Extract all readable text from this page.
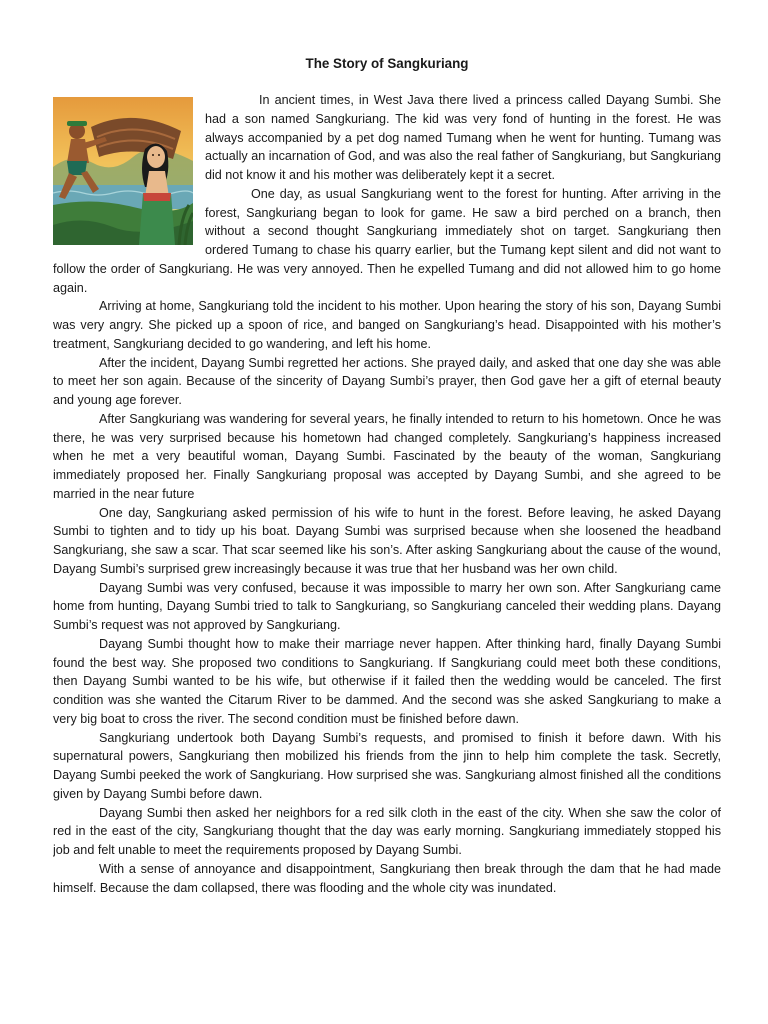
The Story of Sangkuriang

In ancient times, in West Java there lived a princess called Dayang Sumbi. She had a son named Sangkuriang. The kid was very fond of hunting in the forest. He was always accompanied by a pet dog named Tumang when he went for hunting. Tumang was actually an incarnation of God, and was also the real father of Sangkuriang, but Sangkuriang did not know it and his mother was deliberately kept it a secret.

One day, as usual Sangkuriang went to the forest for hunting. After arriving in the forest, Sangkuriang began to look for game. He saw a bird perched on a branch, then without a second thought Sangkuriang immediately shot on target. Sangkuriang then ordered Tumang to chase his quarry earlier, but the Tumang kept silent and did not want to follow the order of Sangkuriang. He was very annoyed. Then he expelled Tumang and did not allowed him to go home again.

Arriving at home, Sangkuriang told the incident to his mother. Upon hearing the story of his son, Dayang Sumbi was very angry. She picked up a spoon of rice, and banged on Sangkuriang’s head. Disappointed with his mother’s treatment, Sangkuriang decided to go wandering, and left his home.

After the incident, Dayang Sumbi regretted her actions. She prayed daily, and asked that one day she was able to meet her son again. Because of the sincerity of Dayang Sumbi’s prayer, then God gave her a gift of eternal beauty and young age forever.

After Sangkuriang was wandering for several years, he finally intended to return to his hometown. Once he was there, he was very surprised because his hometown had changed completely. Sangkuriang’s happiness increased when he met a very beautiful woman, Dayang Sumbi. Fascinated by the beauty of the woman, Sangkuriang immediately proposed her. Finally Sangkuriang proposal was accepted by Dayang Sumbi, and she agreed to be married in the near future

One day, Sangkuriang asked permission of his wife to hunt in the forest. Before leaving, he asked Dayang Sumbi to tighten and to tidy up his boat. Dayang Sumbi was surprised because when she loosened the headband Sangkuriang, she saw a scar. That scar seemed like his son’s. After asking Sangkuriang about the cause of the wound, Dayang Sumbi’s surprised grew increasingly because it was true that her husband was her own child.

Dayang Sumbi was very confused, because it was impossible to marry her own son. After Sangkuriang came home from hunting, Dayang Sumbi tried to talk to Sangkuriang, so Sangkuriang canceled their wedding plans. Dayang Sumbi’s request was not approved by Sangkuriang.

Dayang Sumbi thought how to make their marriage never happen. After thinking hard, finally Dayang Sumbi found the best way. She proposed two conditions to Sangkuriang. If Sangkuriang could meet both these conditions, then Dayang Sumbi wanted to be his wife, but otherwise if it failed then the wedding would be canceled. The first condition was she wanted the Citarum River to be dammed. And the second was she asked Sangkuriang to make a very big boat to cross the river. The second condition must be finished before dawn.

Sangkuriang undertook both Dayang Sumbi’s requests, and promised to finish it before dawn. With his supernatural powers, Sangkuriang then mobilized his friends from the jinn to help him complete the task. Secretly, Dayang Sumbi peeked the work of Sangkuriang. How surprised she was. Sangkuriang almost finished all the conditions given by Dayang Sumbi before dawn.

Dayang Sumbi then asked her neighbors for a red silk cloth in the east of the city. When she saw the color of red in the east of the city, Sangkuriang thought that the day was early morning. Sangkuriang immediately stopped his job and felt unable to meet the requirements proposed by Dayang Sumbi.

With a sense of annoyance and disappointment, Sangkuriang then break through the dam that he had made himself. Because the dam collapsed, there was flooding and the whole city was inundated.
